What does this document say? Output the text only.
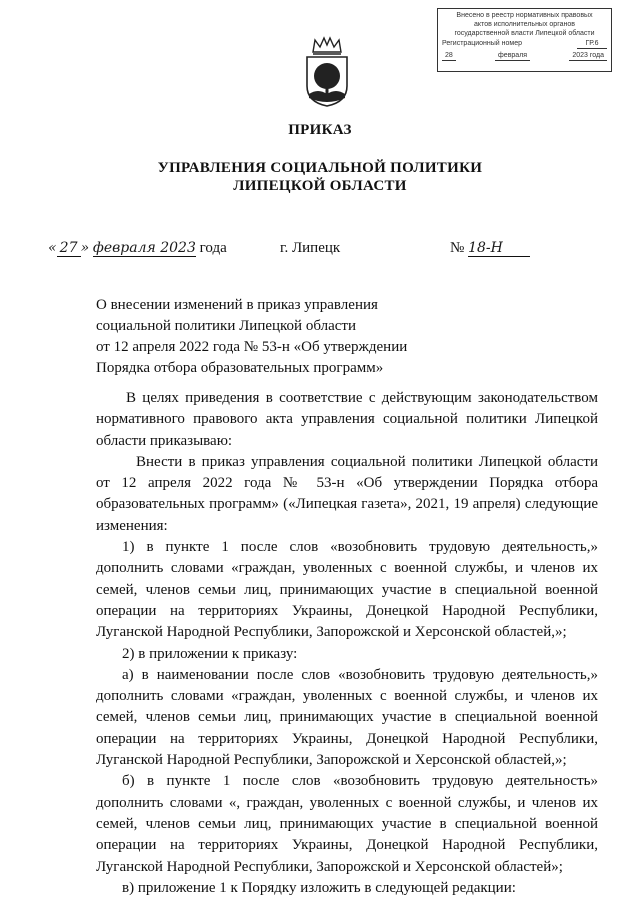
Внесено в реестр нормативных правовых
актов исполнительных органов
государственной власти Липецкой области
Регистрационный номер	ГР.6
28	февраля	2023 года
ПРИКАЗ
УПРАВЛЕНИЯ СОЦИАЛЬНОЙ ПОЛИТИКИ
ЛИПЕЦКОЙ ОБЛАСТИ
« 27 » февраля 2023 года	г. Липецк	№ 18-Н
О внесении изменений в приказ управления
социальной политики Липецкой области
от 12 апреля 2022 года № 53-н «Об утверждении
Порядка отбора образовательных программ»

В целях приведения в соответствие с действующим законодательством нормативного правового акта управления социальной политики Липецкой области приказываю:

Внести в приказ управления социальной политики Липецкой области от 12 апреля 2022 года № 53-н «Об утверждении Порядка отбора образовательных программ» («Липецкая газета», 2021, 19 апреля) следующие изменения:

1) в пункте 1 после слов «возобновить трудовую деятельность,» дополнить словами «граждан, уволенных с военной службы, и членов их семей, членов семьи лиц, принимающих участие в специальной военной операции на территориях Украины, Донецкой Народной Республики, Луганской Народной Республики, Запорожской и Херсонской областей,»;

2) в приложении к приказу:

а) в наименовании после слов «возобновить трудовую деятельность,» дополнить словами «граждан, уволенных с военной службы, и членов их семей, членов семьи лиц, принимающих участие в специальной военной операции на территориях Украины, Донецкой Народной Республики, Луганской Народной Республики, Запорожской и Херсонской областей,»;

б) в пункте 1 после слов «возобновить трудовую деятельность» дополнить словами «, граждан, уволенных с военной службы, и членов их семей, членов семьи лиц, принимающих участие в специальной военной операции на территориях Украины, Донецкой Народной Республики, Луганской Народной Республики, Запорожской и Херсонской областей»;

в) приложение 1 к Порядку изложить в следующей редакции:
